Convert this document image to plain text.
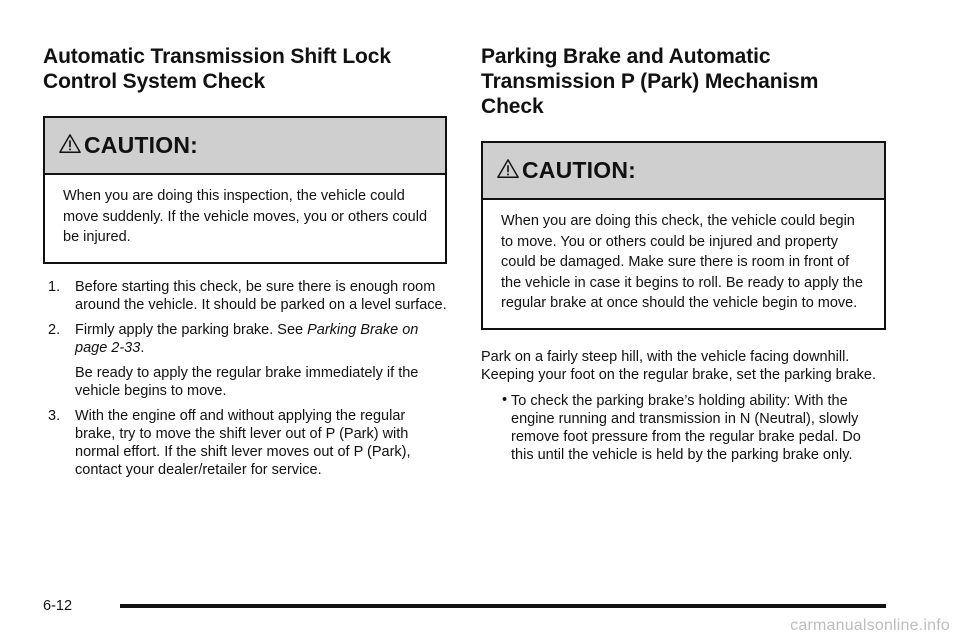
Automatic Transmission Shift Lock
Control System Check
CAUTION:

When you are doing this inspection, the vehicle could move suddenly. If the vehicle moves, you or others could be injured.

1. Before starting this check, be sure there is enough room around the vehicle. It should be parked on a level surface.
2. Firmly apply the parking brake. See Parking Brake on page 2-33.

Be ready to apply the regular brake immediately if the vehicle begins to move.

3. With the engine off and without applying the regular brake, try to move the shift lever out of P (Park) with normal effort. If the shift lever moves out of P (Park), contact your dealer/retailer for service.
Parking Brake and Automatic
Transmission P (Park) Mechanism
Check
CAUTION:

When you are doing this check, the vehicle could begin to move. You or others could be injured and property could be damaged. Make sure there is room in front of the vehicle in case it begins to roll. Be ready to apply the regular brake at once should the vehicle begin to move.

Park on a fairly steep hill, with the vehicle facing downhill. Keeping your foot on the regular brake, set the parking brake.

• To check the parking brake’s holding ability: With the engine running and transmission in N (Neutral), slowly remove foot pressure from the regular brake pedal. Do this until the vehicle is held by the parking brake only.
6-12
carmanualsonline.info
